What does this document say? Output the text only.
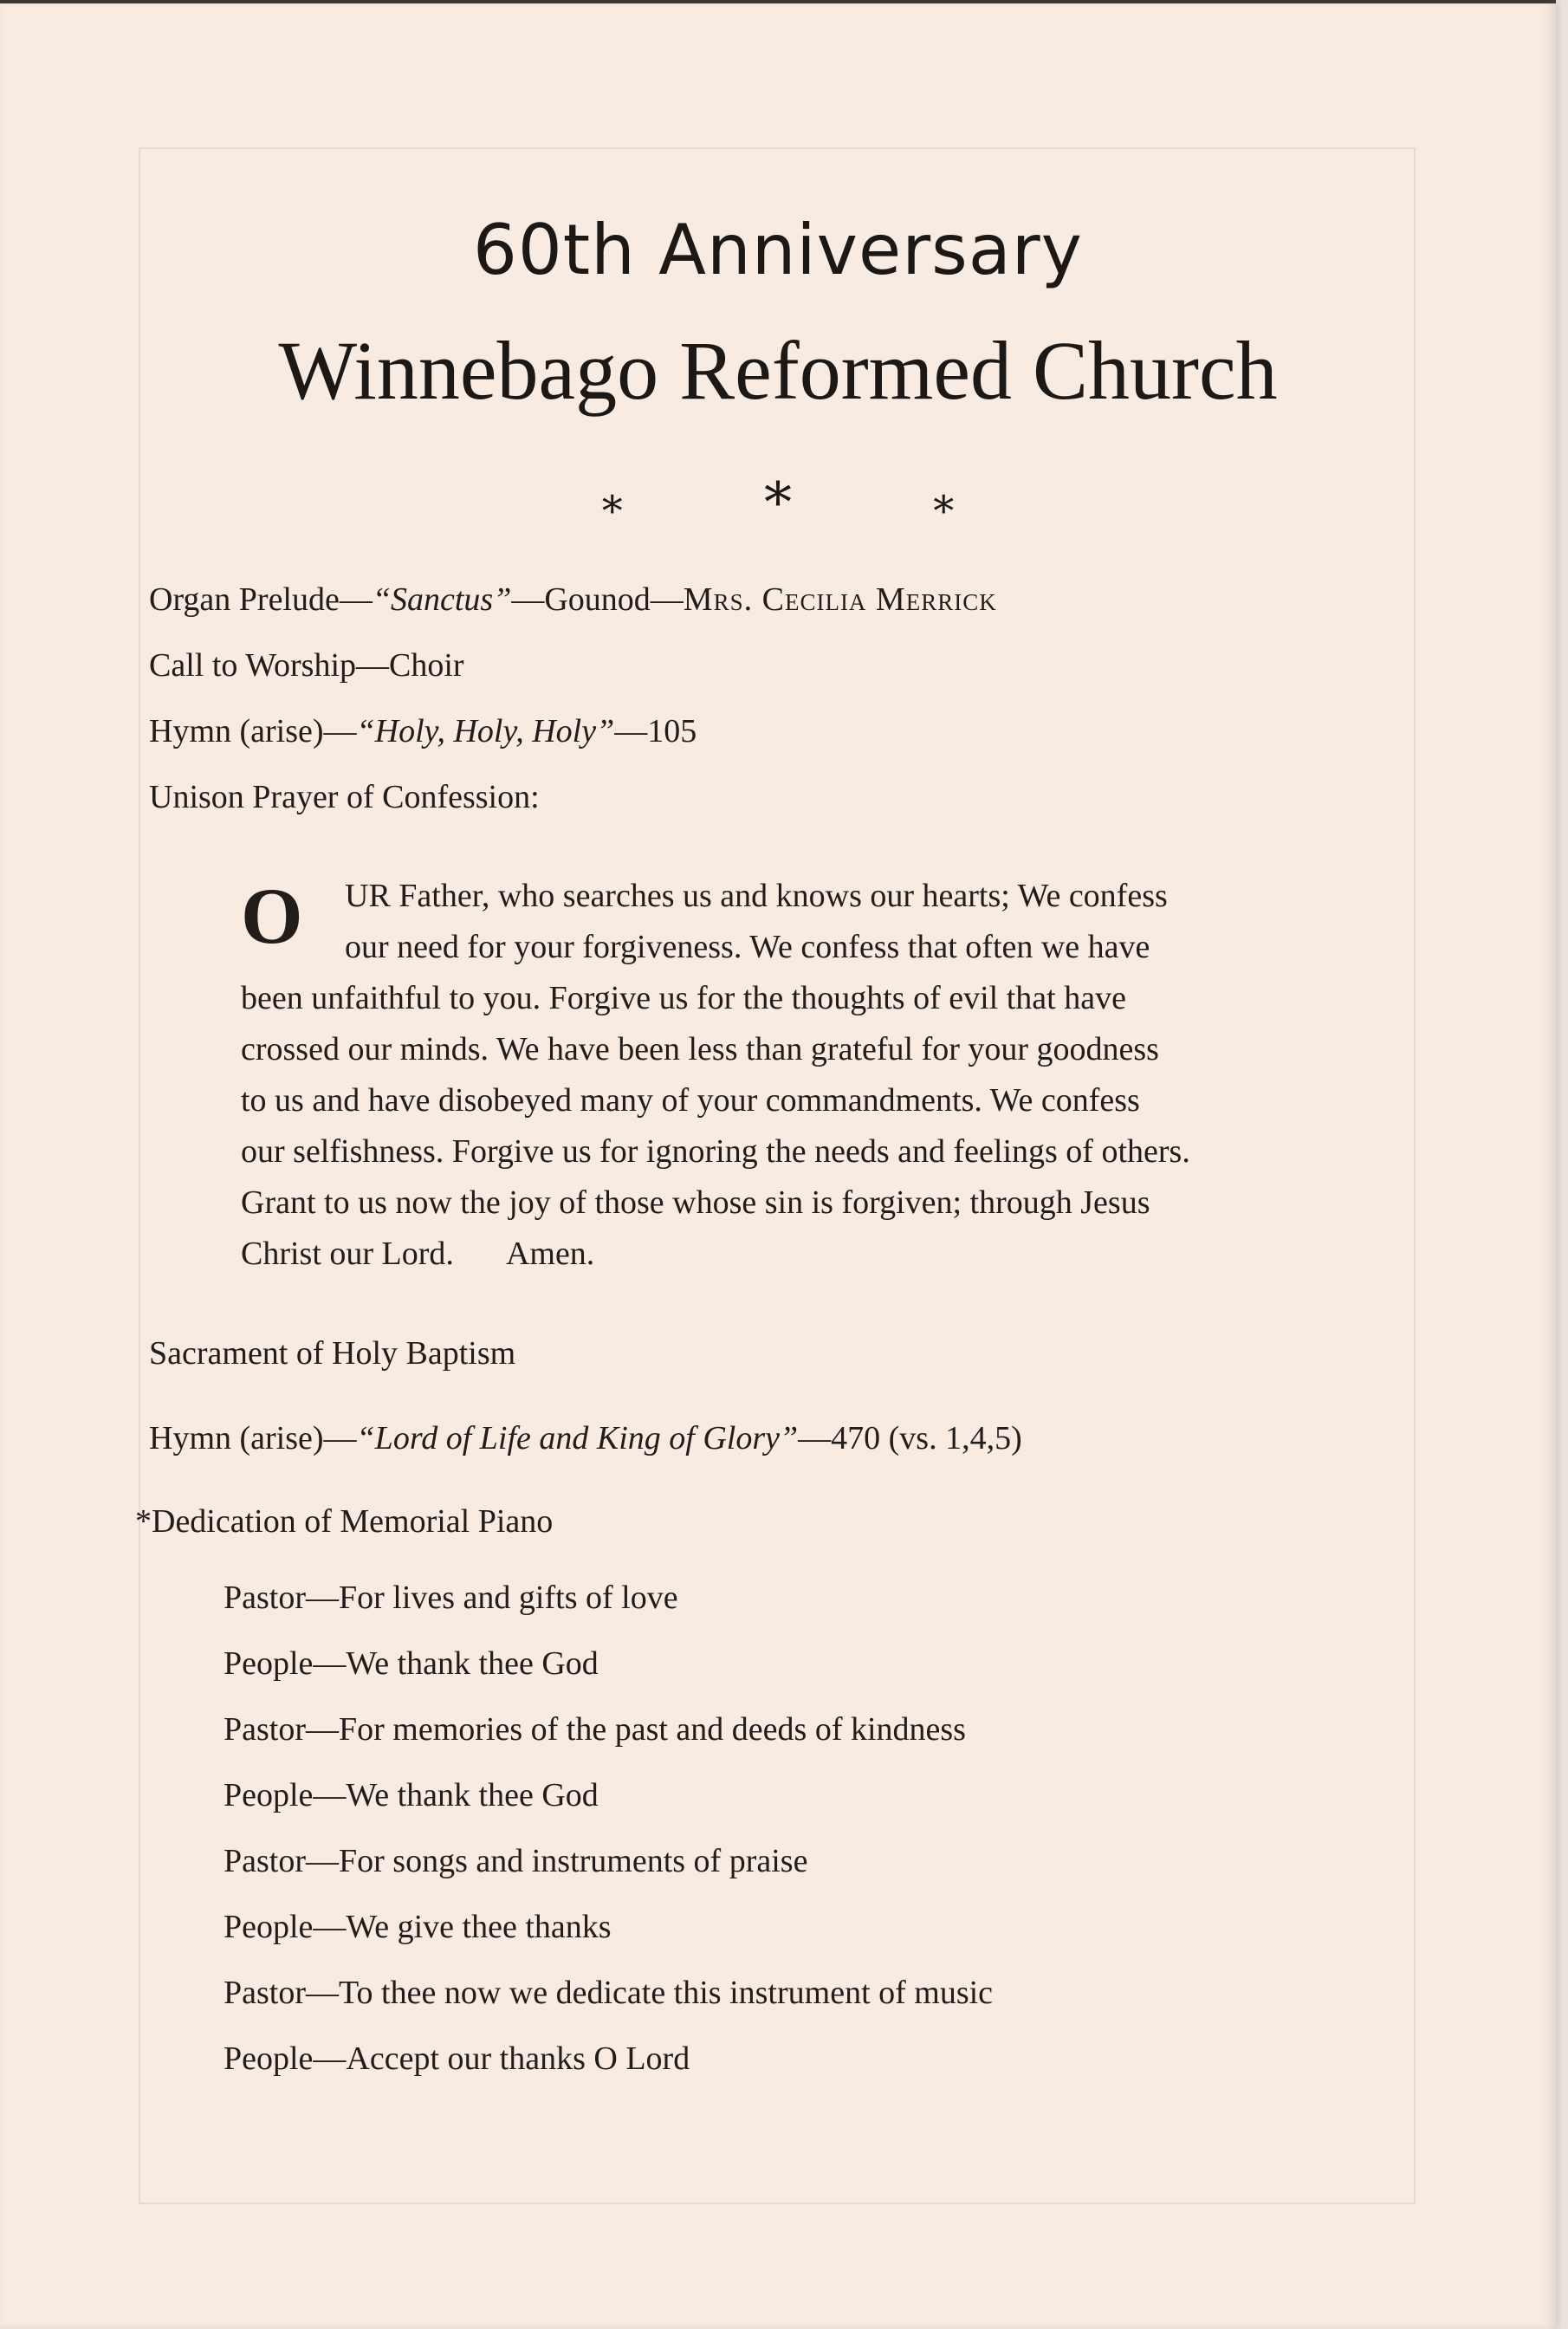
60th Anniversary
Winnebago Reformed Church
*	*	*
Organ Prelude—“Sanctus”—Gounod—Mrs. Cecilia Merrick
Call to Worship—Choir
Hymn (arise)—“Holy, Holy, Holy”—105
Unison Prayer of Confession:
O	UR Father, who searches us and knows our hearts; We confess
our need for your forgiveness. We confess that often we have
been unfaithful to you. Forgive us for the thoughts of evil that have
crossed our minds. We have been less than grateful for your goodness
to us and have disobeyed many of your commandments. We confess
our selfishness. Forgive us for ignoring the needs and feelings of others.
Grant to us now the joy of those whose sin is forgiven; through Jesus
Christ our Lord. Amen.
Sacrament of Holy Baptism
Hymn (arise)—“Lord of Life and King of Glory”—470 (vs. 1,4,5)
*Dedication of Memorial Piano
Pastor—For lives and gifts of love
People—We thank thee God
Pastor—For memories of the past and deeds of kindness
People—We thank thee God
Pastor—For songs and instruments of praise
People—We give thee thanks
Pastor—To thee now we dedicate this instrument of music
People—Accept our thanks O Lord
